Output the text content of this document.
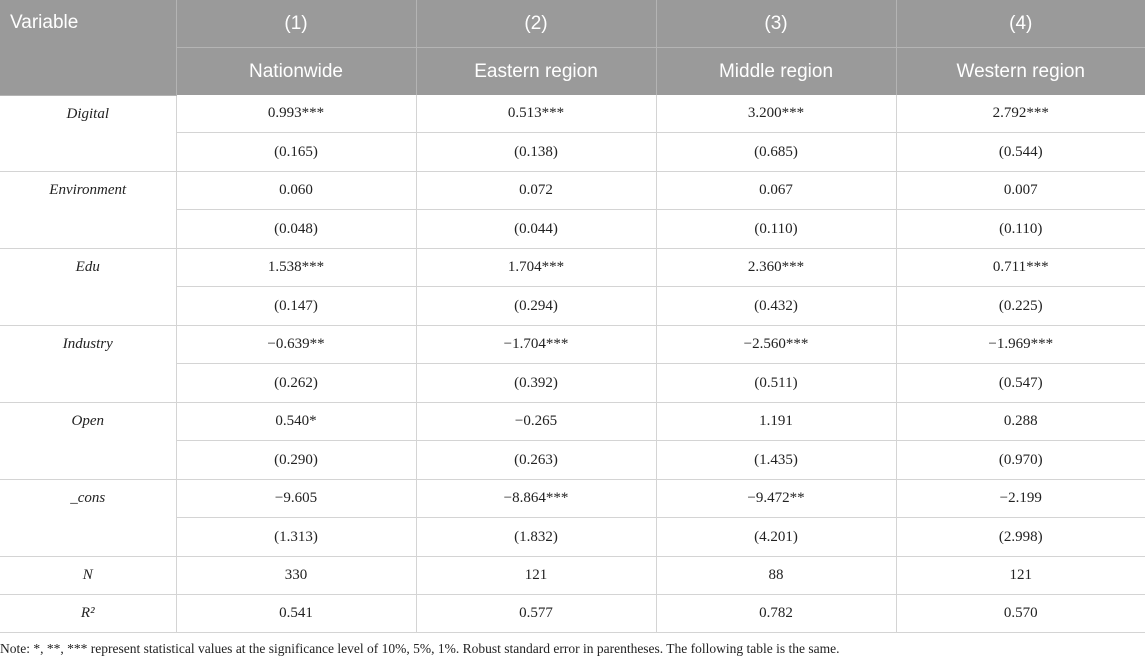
Variable	(1)	(2)	(3)	(4)
	Nationwide	Eastern region	Middle region	Western region
Digital	0.993***	0.513***	3.200***	2.792***
	(0.165)	(0.138)	(0.685)	(0.544)
Environment	0.060	0.072	0.067	0.007
	(0.048)	(0.044)	(0.110)	(0.110)
Edu	1.538***	1.704***	2.360***	0.711***
	(0.147)	(0.294)	(0.432)	(0.225)
Industry	−0.639**	−1.704***	−2.560***	−1.969***
	(0.262)	(0.392)	(0.511)	(0.547)
Open	0.540*	−0.265	1.191	0.288
	(0.290)	(0.263)	(1.435)	(0.970)
_cons	−9.605	−8.864***	−9.472**	−2.199
	(1.313)	(1.832)	(4.201)	(2.998)
N	330	121	88	121
R²	0.541	0.577	0.782	0.570
Note: *, **, *** represent statistical values at the significance level of 10%, 5%, 1%. Robust standard error in parentheses. The following table is the same.
